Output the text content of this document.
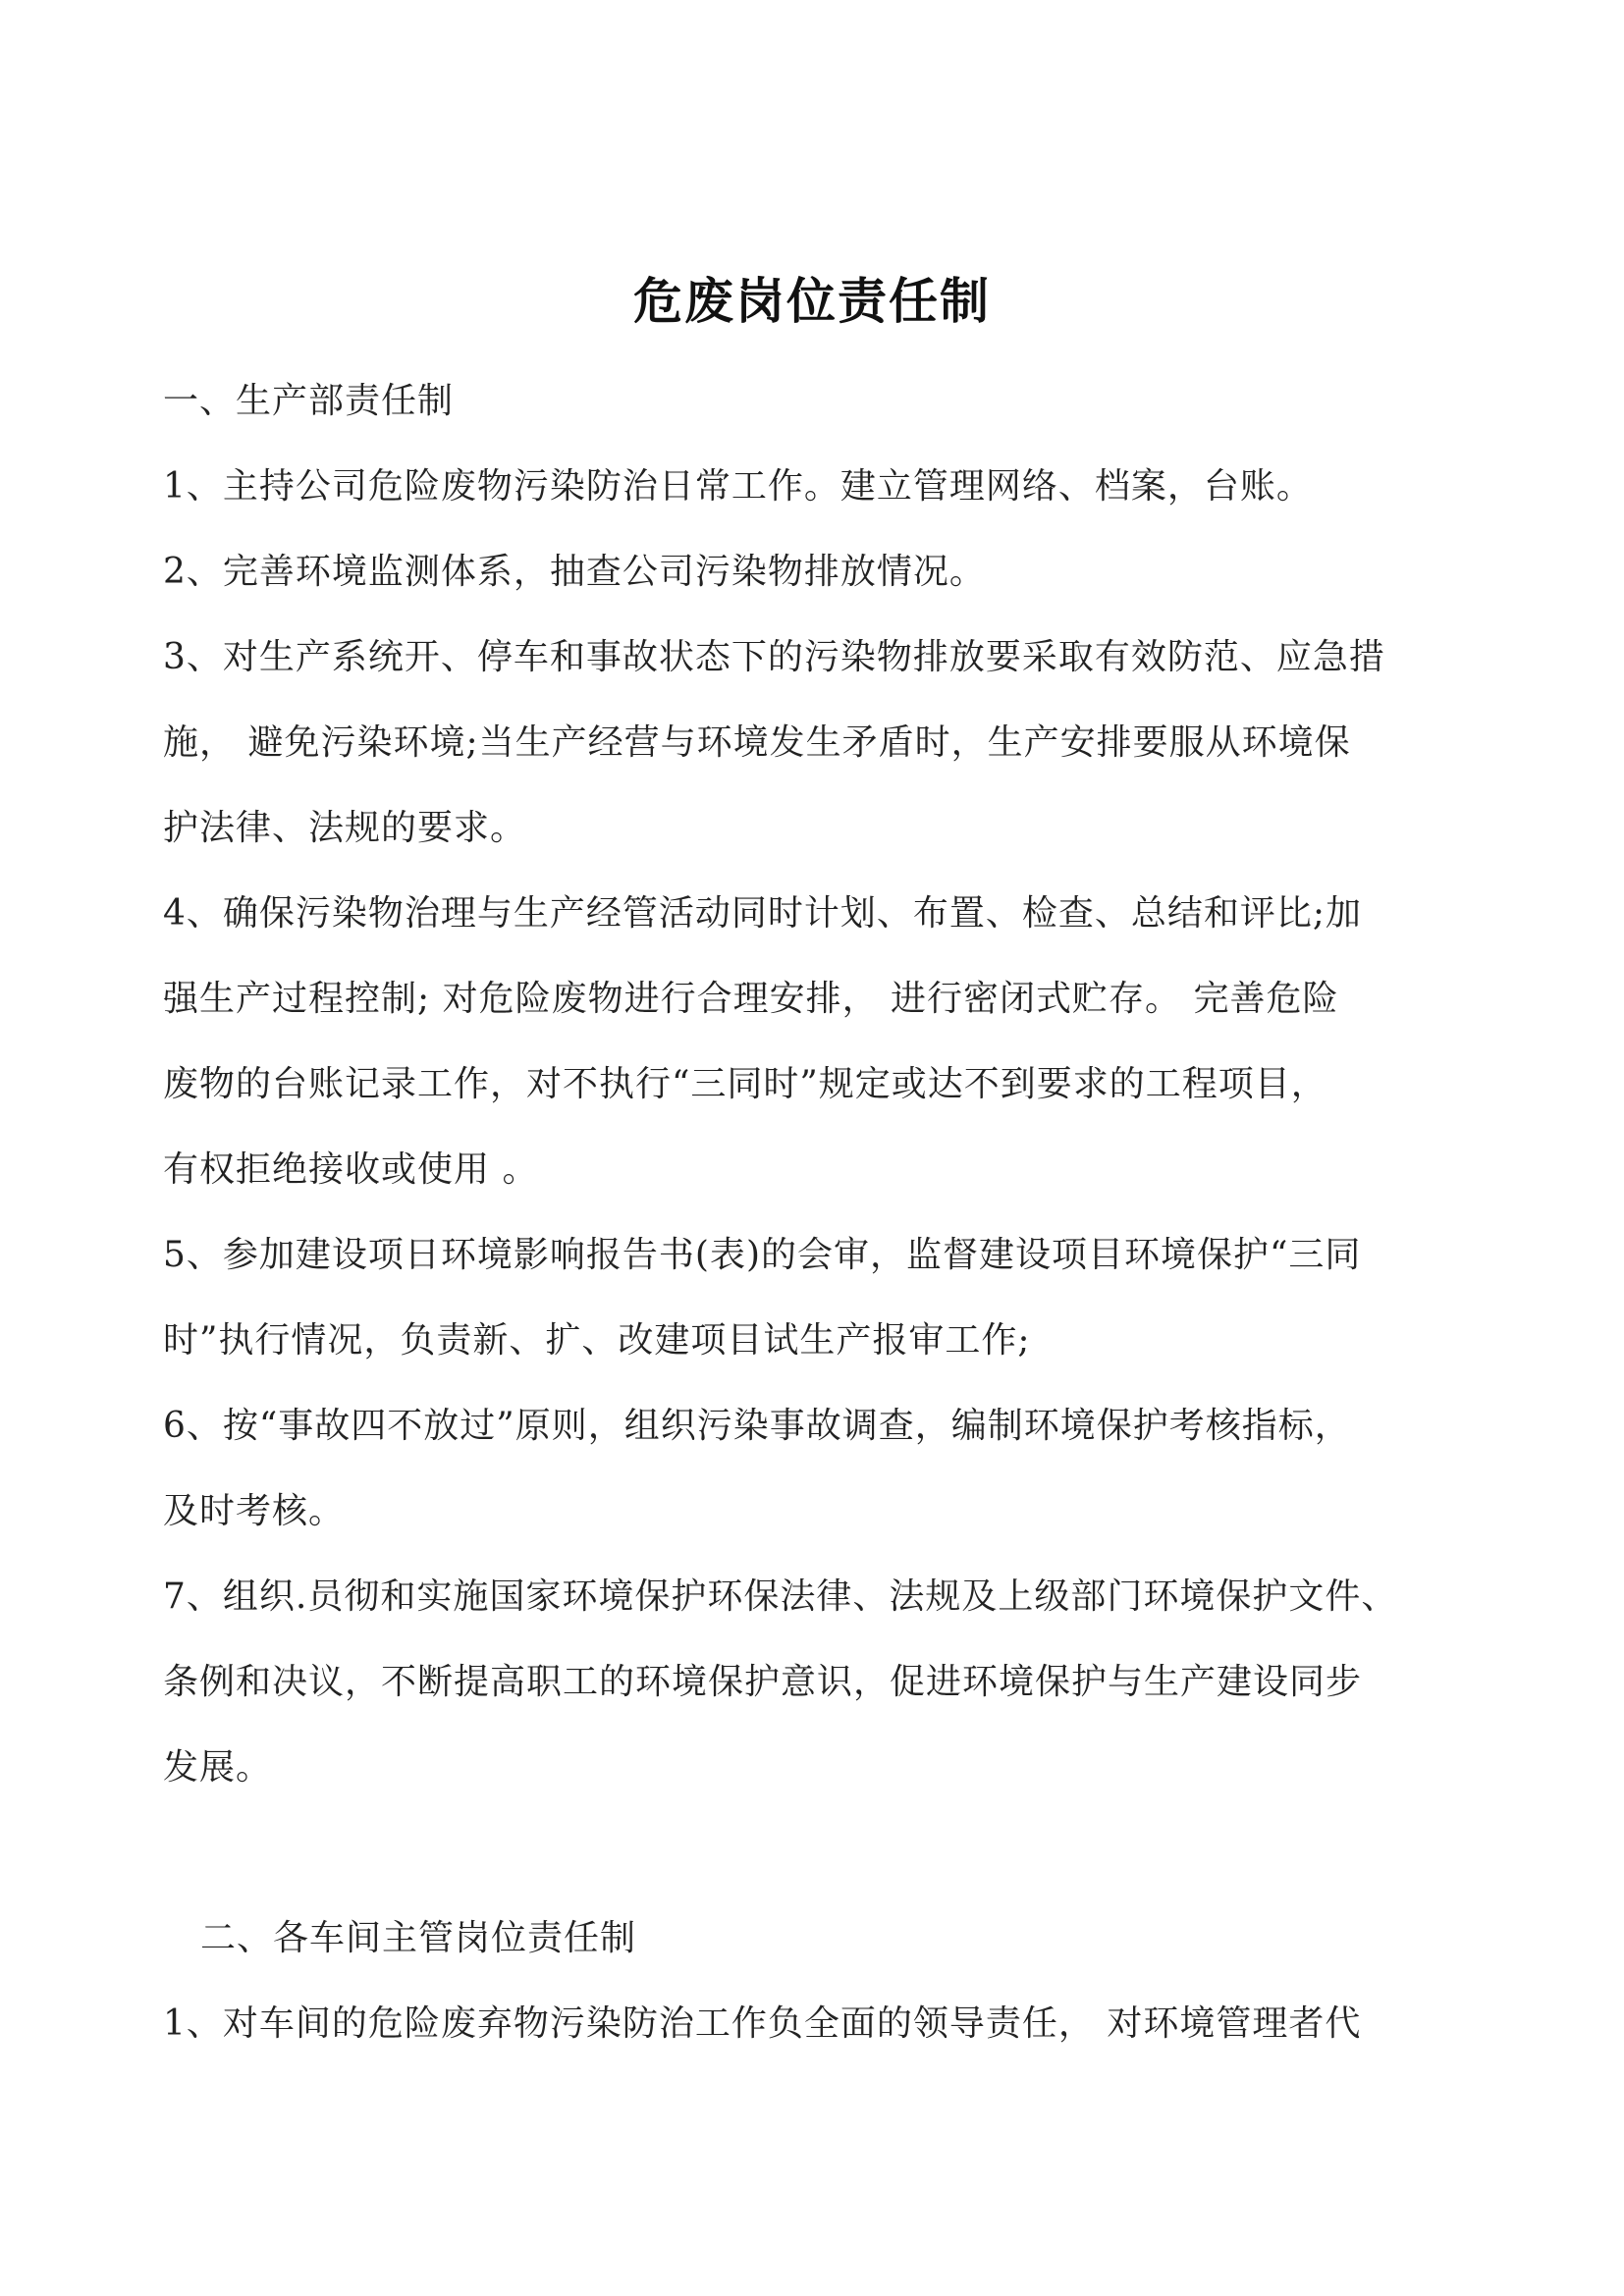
危废岗位责任制

一、生产部责任制

1、主持公司危险废物污染防治日常工作。建立管理网络、档案，台账。

2、完善环境监测体系，抽查公司污染物排放情况。

3、对生产系统开、停车和事故状态下的污染物排放要采取有效防范、应急措

施， 避免污染环境;当生产经营与环境发生矛盾时，生产安排要服从环境保

护法律、法规的要求。

4、确保污染物治理与生产经管活动同时计划、布置、检查、总结和评比;加

强生产过程控制; 对危险废物进行合理安排， 进行密闭式贮存。 完善危险

废物的台账记录工作，对不执行“三同时”规定或达不到要求的工程项目，

有权拒绝接收或使用 。

5、参加建设项日环境影响报告书(表)的会审，监督建设项目环境保护“三同

时”执行情况，负责新、扩、改建项目试生产报审工作;

6、按“事故四不放过”原则，组织污染事故调查，编制环境保护考核指标，

及时考核。

7、组织.员彻和实施国家环境保护环保法律、法规及上级部门环境保护文件、

条例和决议，不断提高职工的环境保护意识，促进环境保护与生产建设同步

发展。

二、各车间主管岗位责任制

1、对车间的危险废弃物污染防治工作负全面的领导责任， 对环境管理者代
